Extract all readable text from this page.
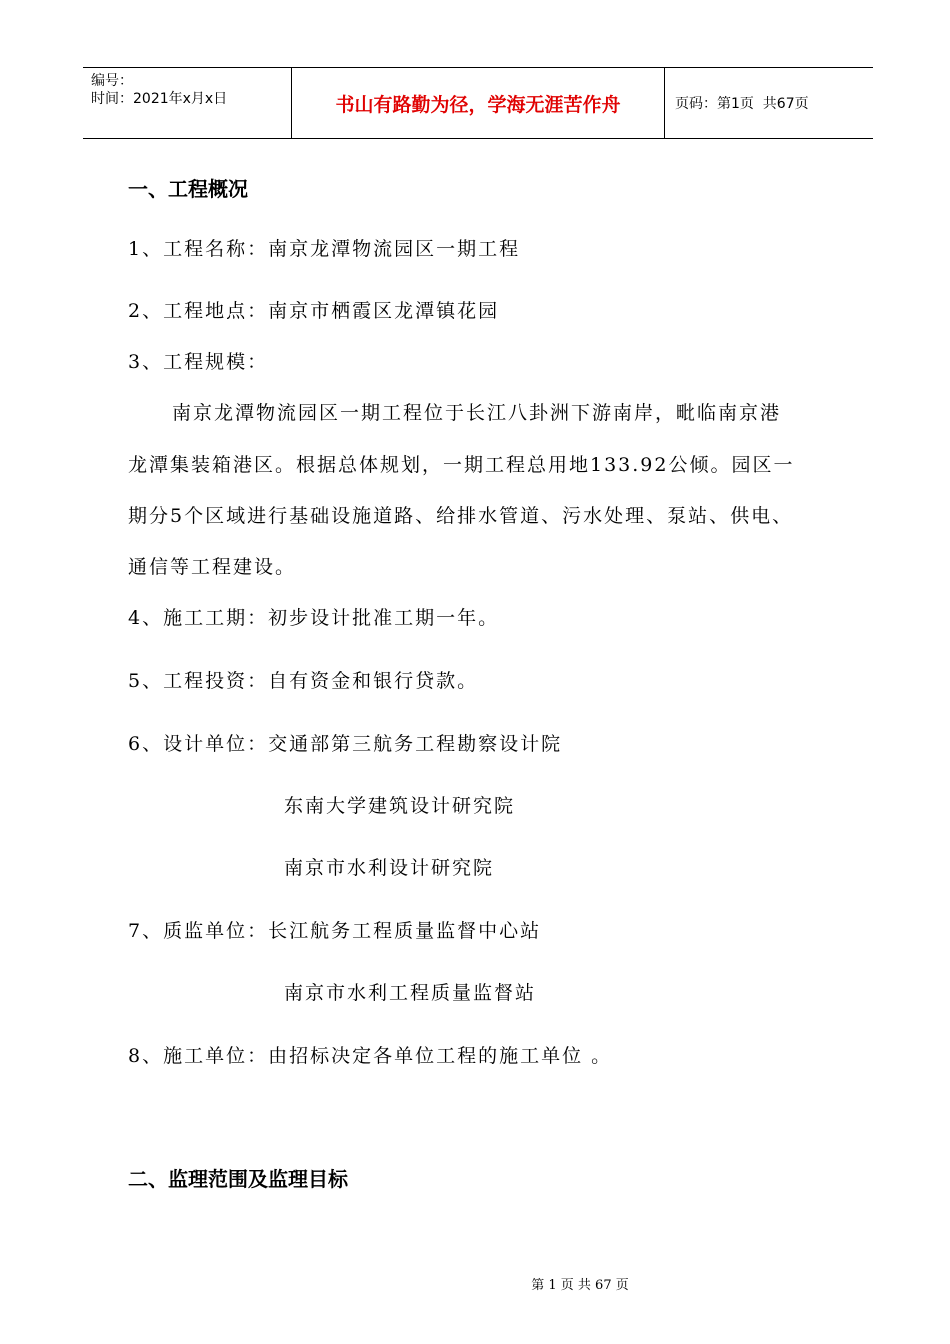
编号：
时间：2021年x月x日	书山有路勤为径，学海无涯苦作舟	页码：第1页  共67页
一、工程概况
1、工程名称：南京龙潭物流园区一期工程
2、工程地点：南京市栖霞区龙潭镇花园
3、工程规模：
南京龙潭物流园区一期工程位于长江八卦洲下游南岸，毗临南京港
龙潭集装箱港区。根据总体规划，一期工程总用地133.92公倾。园区一
期分5个区域进行基础设施道路、给排水管道、污水处理、泵站、供电、
通信等工程建设。
4、施工工期：初步设计批准工期一年。
5、工程投资：自有资金和银行贷款。
6、设计单位：交通部第三航务工程勘察设计院
东南大学建筑设计研究院
南京市水利设计研究院
7、质监单位：长江航务工程质量监督中心站
南京市水利工程质量监督站
8、施工单位：由招标决定各单位工程的施工单位 。
二、监理范围及监理目标
第 1 页 共 67 页
